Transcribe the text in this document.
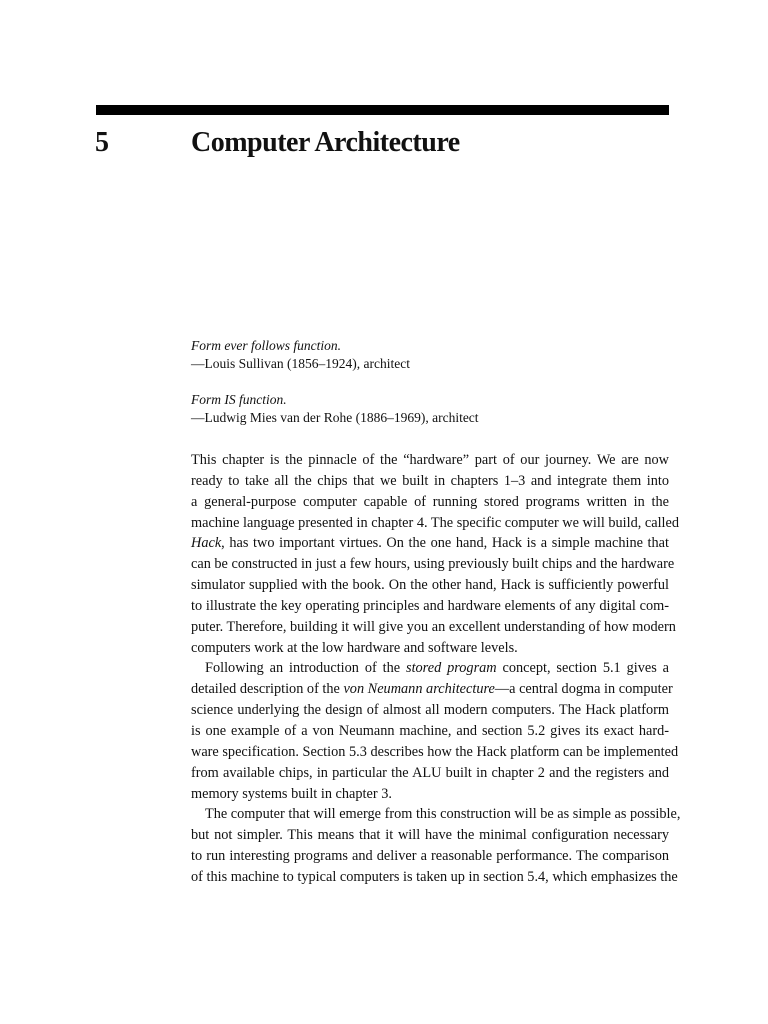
5	Computer Architecture
Form ever follows function.
—Louis Sullivan (1856–1924), architect
Form IS function.
—Ludwig Mies van der Rohe (1886–1969), architect
This chapter is the pinnacle of the “hardware” part of our journey. We are now
ready to take all the chips that we built in chapters 1–3 and integrate them into
a general-purpose computer capable of running stored programs written in the
machine language presented in chapter 4. The specific computer we will build, called
Hack, has two important virtues. On the one hand, Hack is a simple machine that
can be constructed in just a few hours, using previously built chips and the hardware
simulator supplied with the book. On the other hand, Hack is sufficiently powerful
to illustrate the key operating principles and hardware elements of any digital com-
puter. Therefore, building it will give you an excellent understanding of how modern
computers work at the low hardware and software levels.
Following an introduction of the stored program concept, section 5.1 gives a
detailed description of the von Neumann architecture—a central dogma in computer
science underlying the design of almost all modern computers. The Hack platform
is one example of a von Neumann machine, and section 5.2 gives its exact hard-
ware specification. Section 5.3 describes how the Hack platform can be implemented
from available chips, in particular the ALU built in chapter 2 and the registers and
memory systems built in chapter 3.
The computer that will emerge from this construction will be as simple as possible,
but not simpler. This means that it will have the minimal configuration necessary
to run interesting programs and deliver a reasonable performance. The comparison
of this machine to typical computers is taken up in section 5.4, which emphasizes the
